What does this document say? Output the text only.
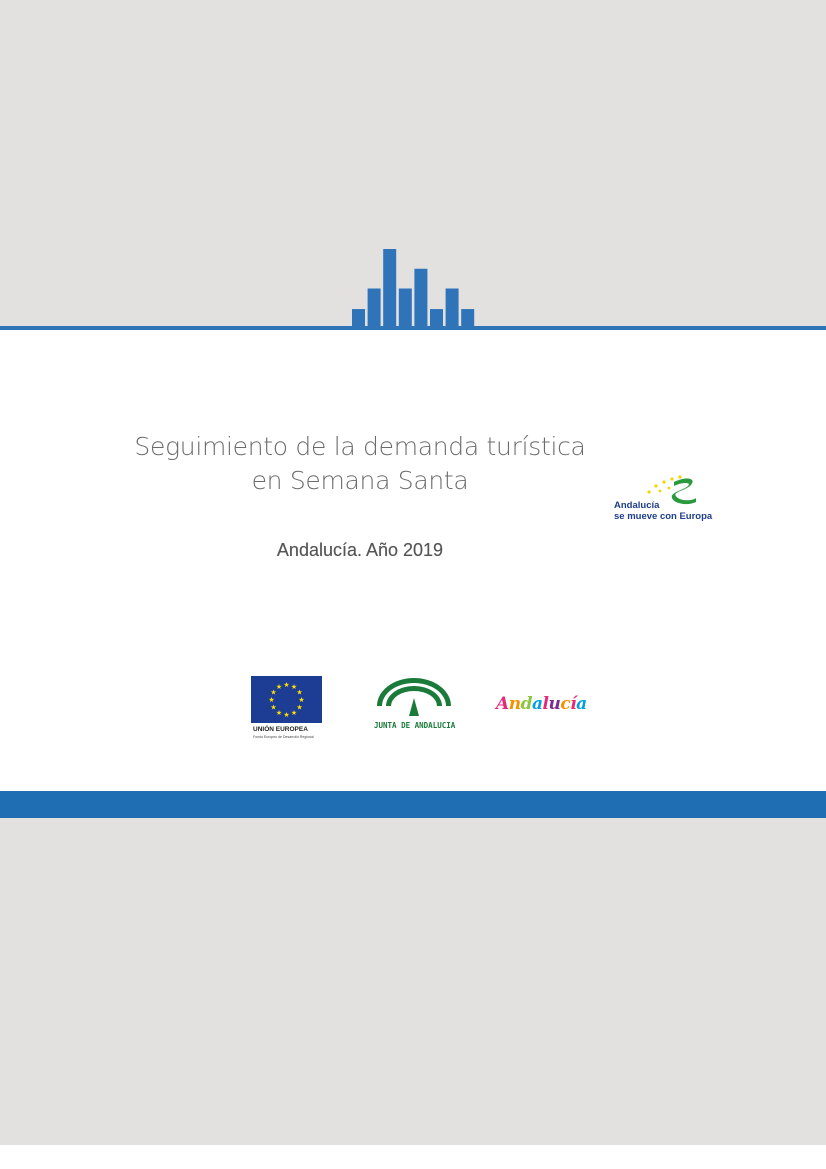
Seguimiento de la demanda turística
en Semana Santa
Andalucía. Año 2019
Andalucía
se mueve con Europa
★ ★
★
★
★
★
★
★
★
★
★
★
UNIÓN EUROPEA
Fondo Europeo de Desarrollo Regional
JUNTA DE ANDALUCIA
Andalucía
